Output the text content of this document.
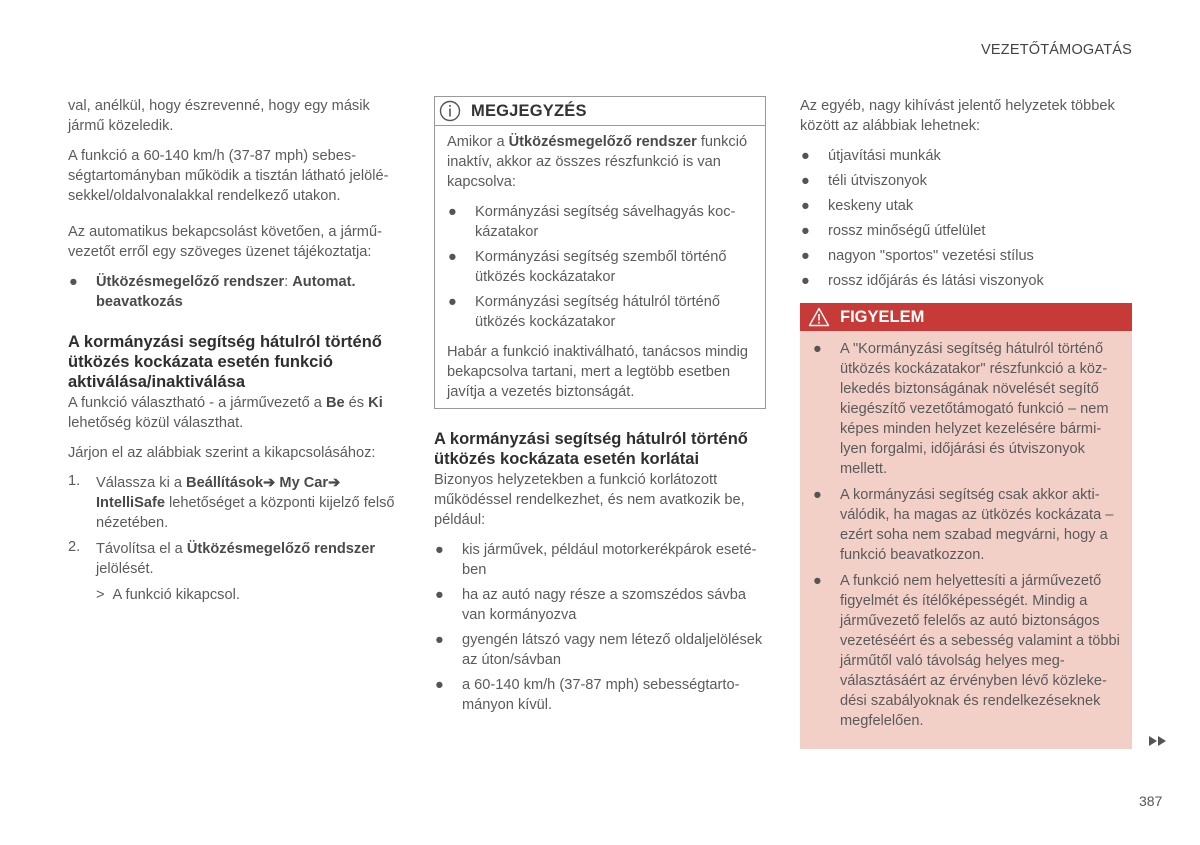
VEZETŐTÁMOGATÁS

val, anélkül, hogy észrevenné, hogy egy másik jármű közeledik.

A funkció a 60-140 km/h (37-87 mph) sebességtartományban működik a tisztán látható jelölésekkel/oldalvonalakkal rendelkező utakon.

Az automatikus bekapcsolást követően, a járművezetőt erről egy szöveges üzenet tájékoztatja:

● Ütközésmegelőző rendszer: Automat. beavatkozás
A kormányzási segítség hátulról történő ütközés kockázata esetén funkció aktiválása/inaktiválása

A funkció választható - a járművezető a Be és Ki lehetőség közül választhat.

Járjon el az alábbiak szerint a kikapcsolásához:

1. Válassza ki a Beállítások➔ My Car➔ IntelliSafe lehetőséget a központi kijelző felső nézetében.
2. Távolítsa el a Ütközésmegelőző rendszer jelölését.
> A funkció kikapcsol.
MEGJEGYZÉS

Amikor a Ütközésmegelőző rendszer funkció inaktív, akkor az összes részfunkció is van kapcsolva:

● Kormányzási segítség sávelhagyás kockázatakor
● Kormányzási segítség szemből történő ütközés kockázatakor
● Kormányzási segítség hátulról történő ütközés kockázatakor

Habár a funkció inaktiválható, tanácsos mindig bekapcsolva tartani, mert a legtöbb esetben javítja a vezetés biztonságát.

A kormányzási segítség hátulról történő ütközés kockázata esetén korlátai

Bizonyos helyzetekben a funkció korlátozott működéssel rendelkezhet, és nem avatkozik be, például:

● kis járművek, például motorkerékpárok esetében
● ha az autó nagy része a szomszédos sávba van kormányozva
● gyengén látszó vagy nem létező oldaljelölések az úton/sávban
● a 60-140 km/h (37-87 mph) sebességtartományon kívül.

Az egyéb, nagy kihívást jelentő helyzetek többek között az alábbiak lehetnek:

● útjavítási munkák
● téli útviszonyok
● keskeny utak
● rossz minőségű útfelület
● nagyon "sportos" vezetési stílus
● rossz időjárás és látási viszonyok
FIGYELEM
● A "Kormányzási segítség hátulról történő ütközés kockázatakor" részfunkció a közlekedés biztonságának növelését segítő kiegészítő vezetőtámogató funkció – nem képes minden helyzet kezelésére bármilyen forgalmi, időjárási és útviszonyok mellett.
● A kormányzási segítség csak akkor aktiválódik, ha magas az ütközés kockázata – ezért soha nem szabad megvárni, hogy a funkció beavatkozzon.
● A funkció nem helyettesíti a járművezető figyelmét és ítélőképességét. Mindig a járművezető felelős az autó biztonságos vezetéséért és a sebesség valamint a többi járműtől való távolság helyes megválasztásáért az érvényben lévő közlekedési szabályoknak és rendelkezéseknek megfelelően.
387
